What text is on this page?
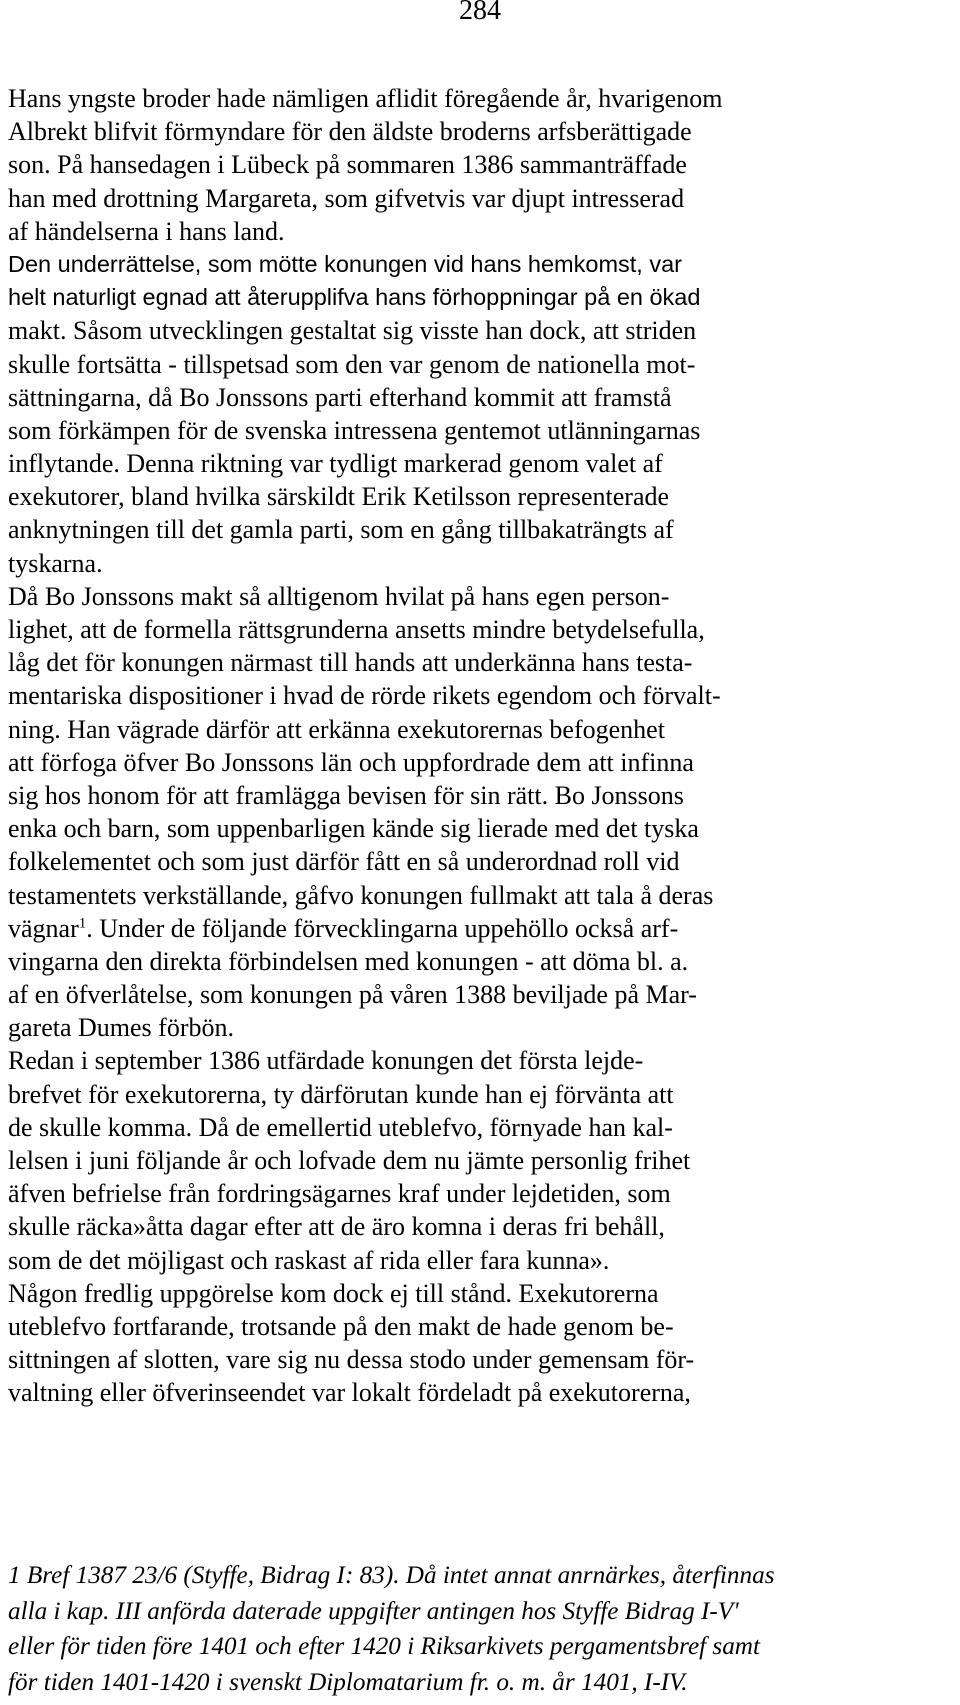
284
Hans yngste broder hade nämligen aflidit föregående år, hvarigenom
Albrekt blifvit förmyndare för den äldste broderns arfsberättigade
son. På hansedagen i Lübeck på sommaren 1386 sammanträffade
han med drottning Margareta, som gifvetvis var djupt intresserad
af händelserna i hans land.
Den underrättelse, som mötte konungen vid hans hemkomst, var
helt naturligt egnad att återupplifva hans förhoppningar på en ökad
makt. Såsom utvecklingen gestaltat sig visste han dock, att striden
skulle fortsätta - tillspetsad som den var genom de nationella mot-
sättningarna, då Bo Jonssons parti efterhand kommit att framstå
som förkämpen för de svenska intressena gentemot utlänningarnas
inflytande. Denna riktning var tydligt markerad genom valet af
exekutorer, bland hvilka särskildt Erik Ketilsson representerade
anknytningen till det gamla parti, som en gång tillbakaträngts af
tyskarna.
Då Bo Jonssons makt så alltigenom hvilat på hans egen person-
lighet, att de formella rättsgrunderna ansetts mindre betydelsefulla,
låg det för konungen närmast till hands att underkänna hans testa-
mentariska dispositioner i hvad de rörde rikets egendom och förvalt-
ning. Han vägrade därför att erkänna exekutorernas befogenhet
att förfoga öfver Bo Jonssons län och uppfordrade dem att infinna
sig hos honom för att framlägga bevisen för sin rätt. Bo Jonssons
enka och barn, som uppenbarligen kände sig lierade med det tyska
folkelementet och som just därför fått en så underordnad roll vid
testamentets verkställande, gåfvo konungen fullmakt att tala å deras
vägnar$^1$. Under de följande förvecklingarna uppehöllo också arf-
vingarna den direkta förbindelsen med konungen - att döma bl. a.
af en öfverlåtelse, som konungen på våren 1388 beviljade på Mar-
gareta Dumes förbön.
Redan i september 1386 utfärdade konungen det första lejde-
brefvet för exekutorerna, ty därförutan kunde han ej förvänta att
de skulle komma. Då de emellertid uteblefvo, förnyade han kal-
lelsen i juni följande år och lofvade dem nu jämte personlig frihet
äfven befrielse från fordringsägarnes kraf under lejdetiden, som
skulle räcka»åtta dagar efter att de äro komna i deras fri behåll,
som de det möjligast och raskast af rida eller fara kunna».
Någon fredlig uppgörelse kom dock ej till stånd. Exekutorerna
uteblefvo fortfarande, trotsande på den makt de hade genom be-
sittningen af slotten, vare sig nu dessa stodo under gemensam för-
valtning eller öfverinseendet var lokalt fördeladt på exekutorerna,
1 Bref 1387 23/6 (Styffe, Bidrag I: 83). Då intet annat anrnärkes, återfinnas
alla i kap. III anförda daterade uppgifter antingen hos Styffe Bidrag I-V'
eller för tiden före 1401 och efter 1420 i Riksarkivets pergamentsbref samt
för tiden 1401-1420 i svenskt Diplomatarium fr. o. m. år 1401, I-IV.
